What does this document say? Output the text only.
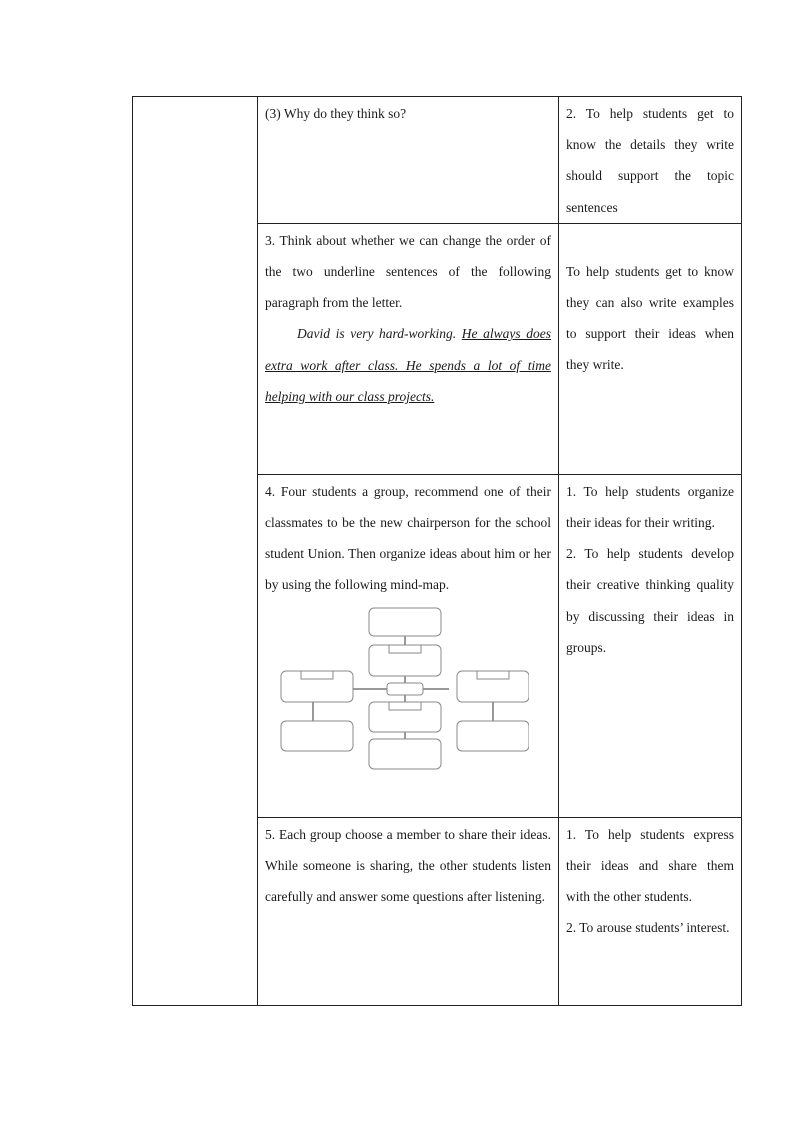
	(3) Why do they think so?	2. To help students get to know the details they write should support the topic sentences

	3. Think about whether we can change the order of the two underline sentences of the following paragraph from the letter.

David is very hard-working. He always does extra work after class. He spends a lot of time helping with our class projects.	To help students get to know they can also write examples to support their ideas when they write.

	4. Four students a group, recommend one of their classmates to be the new chairperson for the school student Union. Then organize ideas about him or her by using the following mind-map.	1. To help students organize their ideas for their writing.

2. To help students develop their creative thinking quality by discussing their ideas in groups.

	5. Each group choose a member to share their ideas. While someone is sharing, the other students listen carefully and answer some questions after listening.	1. To help students express their ideas and share them with the other students.

2. To arouse students’ interest.
